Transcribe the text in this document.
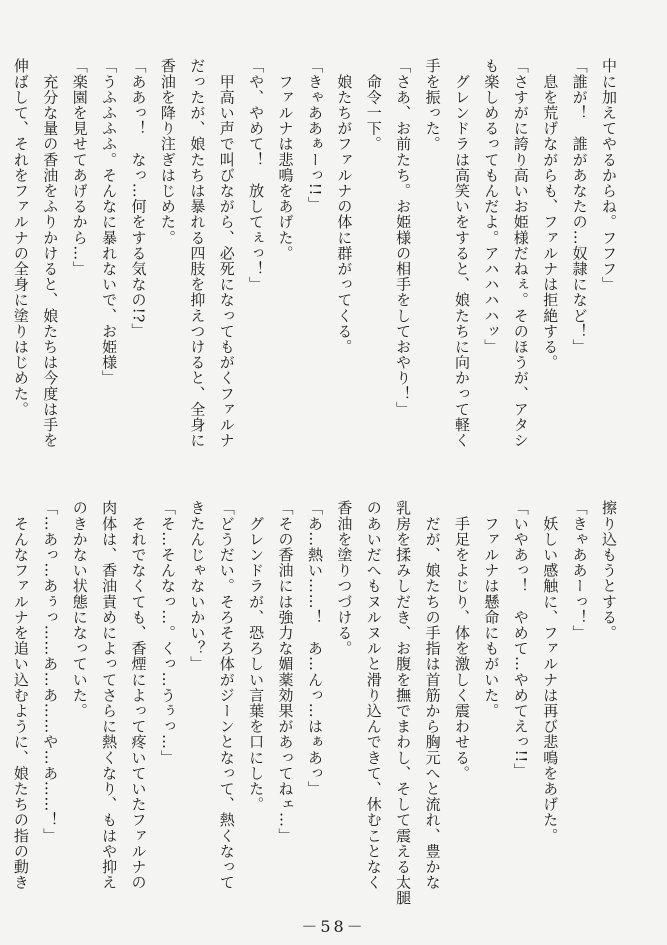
中に加えてやるからね。フフフ」
「誰が！　誰があなたの…奴隷になど！」
　息を荒げながらも、ファルナは拒絶する。
「さすがに誇り高いお姫様だねぇ。そのほうが、アタシ
も楽しめるってもんだよ。アハハハハッ」
　グレンドラは高笑いをすると、娘たちに向かって軽く
手を振った。
「さあ、お前たち。お姫様の相手をしておやり！」
　命令一下。
　娘たちがファルナの体に群がってくる。
「きゃああぁーっ!!」
　ファルナは悲鳴をあげた。
「や、やめて！　放してぇっ！」
　甲高い声で叫びながら、必死になってもがくファルナ
だったが、娘たちは暴れる四肢を抑えつけると、全身に
香油を降り注ぎはじめた。
「ああっ！　なっ…何をする気なの!?」
「うふふふふ。そんなに暴れないで、お姫様」
「楽園を見せてあげるから…」
　充分な量の香油をふりかけると、娘たちは今度は手を
伸ばして、それをファルナの全身に塗りはじめた。
擦り込もうとする。
「きゃああーっ！」
　妖しい感触に、ファルナは再び悲鳴をあげた。
「いやあっ！　やめて…やめてえっ!!」
　ファルナは懸命にもがいた。
　手足をよじり、体を激しく震わせる。
　だが、娘たちの手指は首筋から胸元へと流れ、豊かな
乳房を揉みしだき、お腹を撫でまわし、そして震える太腿
のあいだへもヌルヌルと滑り込んできて、休むことなく
香油を塗りつづける。
「あ…熱い……！　あ…んっ…はぁあっ」
「その香油には強力な媚薬効果があってねェ…」
　グレンドラが、恐ろしい言葉を口にした。
「どうだい。そろそろ体がジーンとなって、熱くなって
きたんじゃないかい？」
「そ…そんなっ…。くっ…うぅっ…」
　それでなくても、香煙によって疼いていたファルナの
肉体は、香油責めによってさらに熱くなり、もはや抑え
のきかない状態になっていた。
「…あっ…あぅっ……あ…あ……や…あ……！」
　そんなファルナを追い込むように、娘たちの指の動き
－58－
